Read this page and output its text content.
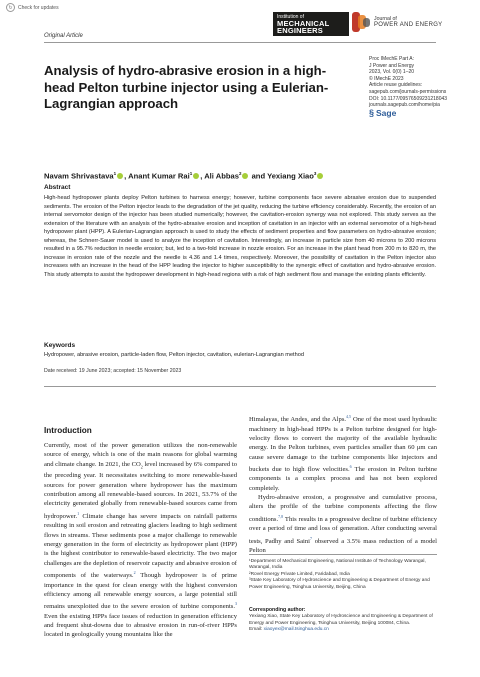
↻	Check for updates
Institution of
MECHANICAL
ENGINEERS
Journal of
POWER AND ENERGY
Original Article
Analysis of hydro-abrasive erosion in a high-head Pelton turbine injector using a Eulerian-Lagrangian approach
Proc IMechE Part A:
J Power and Energy
2023, Vol. 0(0) 1–20
© IMechE 2023
Article reuse guidelines:
sagepub.com/journals-permissions
DOI: 10.1177/09576509231218043
journals.sagepub.com/home/pia
§ Sage
Navam Shrivastava$^1$ , Anant Kumar Rai$^1$ , Ali Abbas$^2$ and Yexiang Xiao$^3$
Abstract

High-head hydropower plants deploy Pelton turbines to harness energy; however, turbine components face severe abrasive erosion due to suspended sediments. The erosion of the Pelton injector leads to the degradation of the jet quality, reducing the turbine efficiency considerably. Recently, the erosion of an internal servomotor design of the injector has been studied numerically; however, the cavitation-erosion synergy was not explored. This study serves as the extension of the literature with an analysis of the hydro-abrasive erosion and inception of cavitation in an injector with an external servomotor of a high-head hydropower plant (HPP). A Eulerian-Lagrangian approach is used to study the effects of sediment properties and flow parameters on hydro-abrasive erosion; whereas, the Schnerr-Sauer model is used to analyze the inception of cavitation. Interestingly, an increase in particle size from 40 microns to 200 microns resulted in a 95.7% reduction in needle erosion; but, led to a two-fold increase in nozzle erosion. For an increase in the plant head from 200 m to 820 m, the increase in erosion rate of the nozzle and the needle is 4.36 and 1.4 times, respectively. Moreover, the possibility of cavitation in the Pelton injector also increases with an increase in the head of the HPP leading the injector to higher susceptibility to the synergic effect of cavitation and hydro-abrasive erosion. This study attempts to assist the hydropower development in high-head regions with a risk of high sediment flow and manage the existing plants efficiently.

Keywords
Hydropower, abrasive erosion, particle-laden flow, Pelton injector, cavitation, eulerian-Lagrangian method
Date received: 19 June 2023; accepted: 15 November 2023
Introduction

Currently, most of the power generation utilizes the non-renewable source of energy, which is one of the main reasons for global warming and climate change. In 2021, the $CO_2$ level increased by 6% compared to the preceding year. It necessitates switching to more renewable-based sources for power generation where hydropower has the maximum contribution among all renewable-based sources. In 2021, 53.7% of the electricity generated globally from renewable-based sources came from hydropower.$^1$ Climate change has severe impacts on rainfall patterns resulting in soil erosion and retreating glaciers leading to high sediment flows in streams. These sediments pose a major challenge to renewable energy generation in the form of electricity as hydropower plant (HPP) is the highest contributor to renewable-based electricity. The two major challenges are the depletion of reservoir capacity and abrasive erosion of components of the waterways.$^2$ Though hydropower is of prime importance in the quest for clean energy with the highest conversion efficiency among all renewable energy sources, a large potential still remains unexploited due to the severe erosion of turbine components.$^3$ Even the existing HPPs face issues of reduction in generation efficiency and frequent shut-downs due to abrasive erosion in run-of-river HPPs located in geologically young mountains like the

Himalayas, the Andes, and the Alps.$^{4,5}$ One of the most used hydraulic machinery in high-head HPPs is a Pelton turbine designed for high-velocity flows to convert the majority of the available hydraulic energy. In the Pelton turbines, even particles smaller than 60 μm can cause severe damage to the turbine components like injectors and buckets due to high flow velocities.$^6$ The erosion in Pelton turbine components is a complex process and has not been explored completely.

Hydro-abrasive erosion, a progressive and cumulative process, alters the profile of the turbine components affecting the flow conditions.$^{7,8}$ This results in a progressive decline of turbine efficiency over a period of time and loss of generation. After conducting several tests, Padhy and Saini$^7$ observed a 3.5% mass reduction of a model Pelton

¹Department of Mechanical Engineering, National Institute of Technology Warangal, Warangal, India
²Rovel Energy Private Limited, Faridabad, India
³State Key Laboratory of Hydroscience and Engineering & Department of Energy and Power Engineering, Tsinghua University, Beijing, China
Corresponding author:
Yexiang Xiao, State Key Laboratory of Hydroscience and Engineering & Department of Energy and Power Engineering, Tsinghua University, Beijing 100084, China.
Email: xiaoyex@mail.tsinghua.edu.cn
